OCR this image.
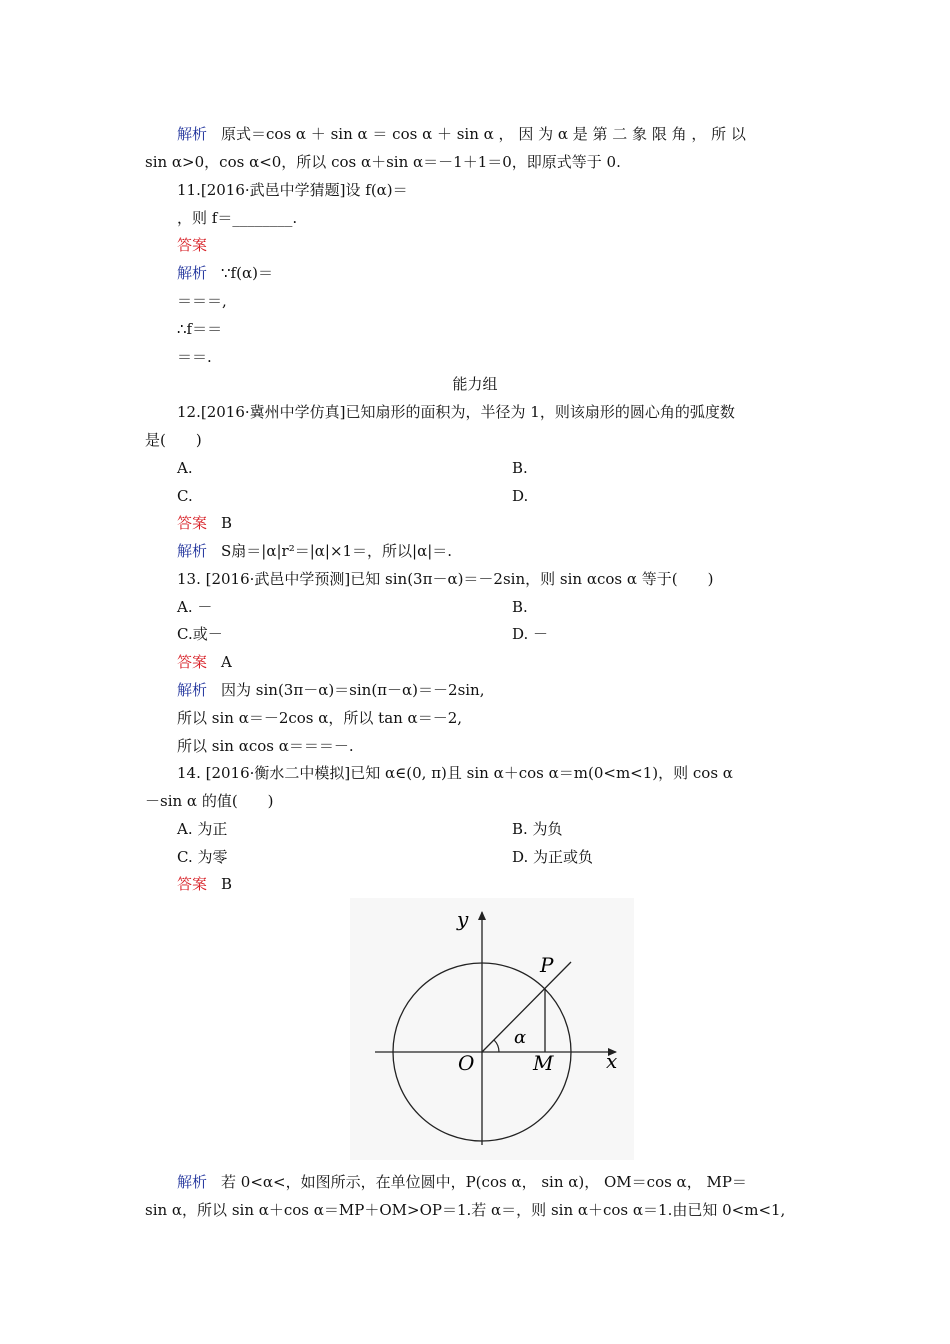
解析 原式＝cos α ＋ sin α ＝ cos α ＋ sin α ， 因 为 α 是 第 二 象 限 角 ， 所 以
sin α>0，cos α<0，所以 cos α＋sin α＝－1＋1＝0，即原式等于 0.
11.[2016·武邑中学猜题]设 f(α)＝
，则 f＝________.
答案
解析 ∵f(α)＝
＝＝＝,
∴f＝＝
＝＝.
能力组
12.[2016·冀州中学仿真]已知扇形的面积为，半径为 1，则该扇形的圆心角的弧度数
是(　　)
A.	B.
C.	D.
答案 B
解析 S扇＝|α|r²＝|α|×1＝，所以|α|＝.
13. [2016·武邑中学预测]已知 sin(3π－α)＝－2sin，则 sin αcos α 等于(　　)
A. －	B.
C.或－	D. －
答案 A
解析 因为 sin(3π－α)＝sin(π－α)＝－2sin,
所以 sin α＝－2cos α，所以 tan α＝－2,
所以 sin αcos α＝＝＝－.
14. [2016·衡水二中模拟]已知 α∈(0, π)且 sin α＋cos α＝m(0<m<1)，则 cos α
－sin α 的值(　　)
A. 为正	B. 为负
C. 为零	D. 为正或负
答案 B
y
x
P
O	M
α
解析 若 0<α<，如图所示，在单位圆中，P(cos α， sin α)， OM＝cos α， MP＝
sin α，所以 sin α＋cos α＝MP＋OM>OP＝1.若 α＝，则 sin α＋cos α＝1.由已知 0<m<1,
